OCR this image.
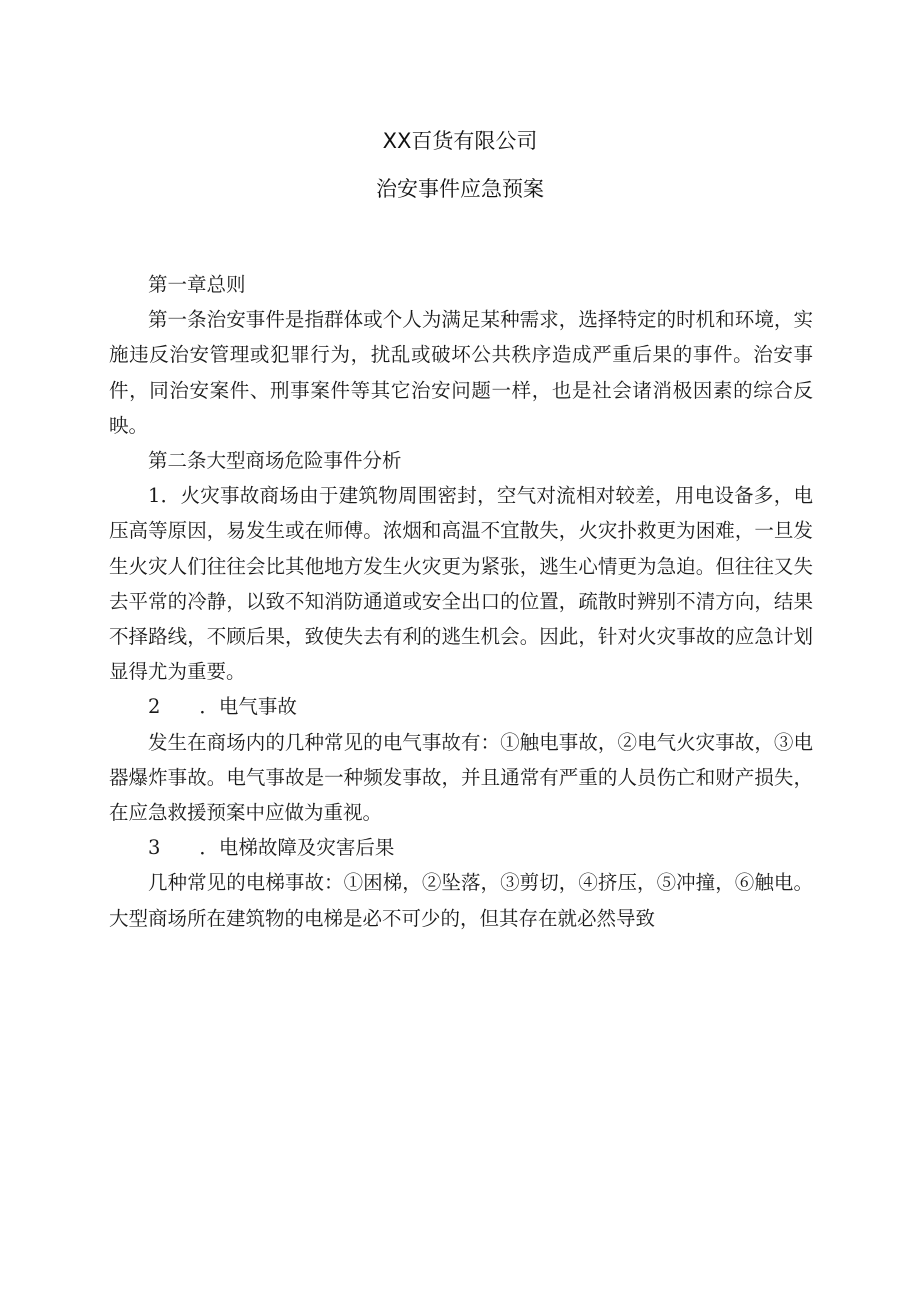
XX百货有限公司
治安事件应急预案

第一章总则

第一条治安事件是指群体或个人为满足某种需求，选择特定的时机和环境，实施违反治安管理或犯罪行为，扰乱或破坏公共秩序造成严重后果的事件。治安事件，同治安案件、刑事案件等其它治安问题一样，也是社会诸消极因素的综合反映。

第二条大型商场危险事件分析

1．火灾事故商场由于建筑物周围密封，空气对流相对较差，用电设备多，电压高等原因，易发生或在师傅。浓烟和高温不宜散失，火灾扑救更为困难，一旦发生火灾人们往往会比其他地方发生火灾更为紧张，逃生心情更为急迫。但往往又失去平常的冷静，以致不知消防通道或安全出口的位置，疏散时辨别不清方向，结果不择路线，不顾后果，致使失去有利的逃生机会。因此，针对火灾事故的应急计划显得尤为重要。

2　　．电气事故

发生在商场内的几种常见的电气事故有：①触电事故，②电气火灾事故，③电器爆炸事故。电气事故是一种频发事故，并且通常有严重的人员伤亡和财产损失，在应急救援预案中应做为重视。

3　　．电梯故障及灾害后果

几种常见的电梯事故：①困梯，②坠落，③剪切，④挤压，⑤冲撞，⑥触电。大型商场所在建筑物的电梯是必不可少的，但其存在就必然导致
